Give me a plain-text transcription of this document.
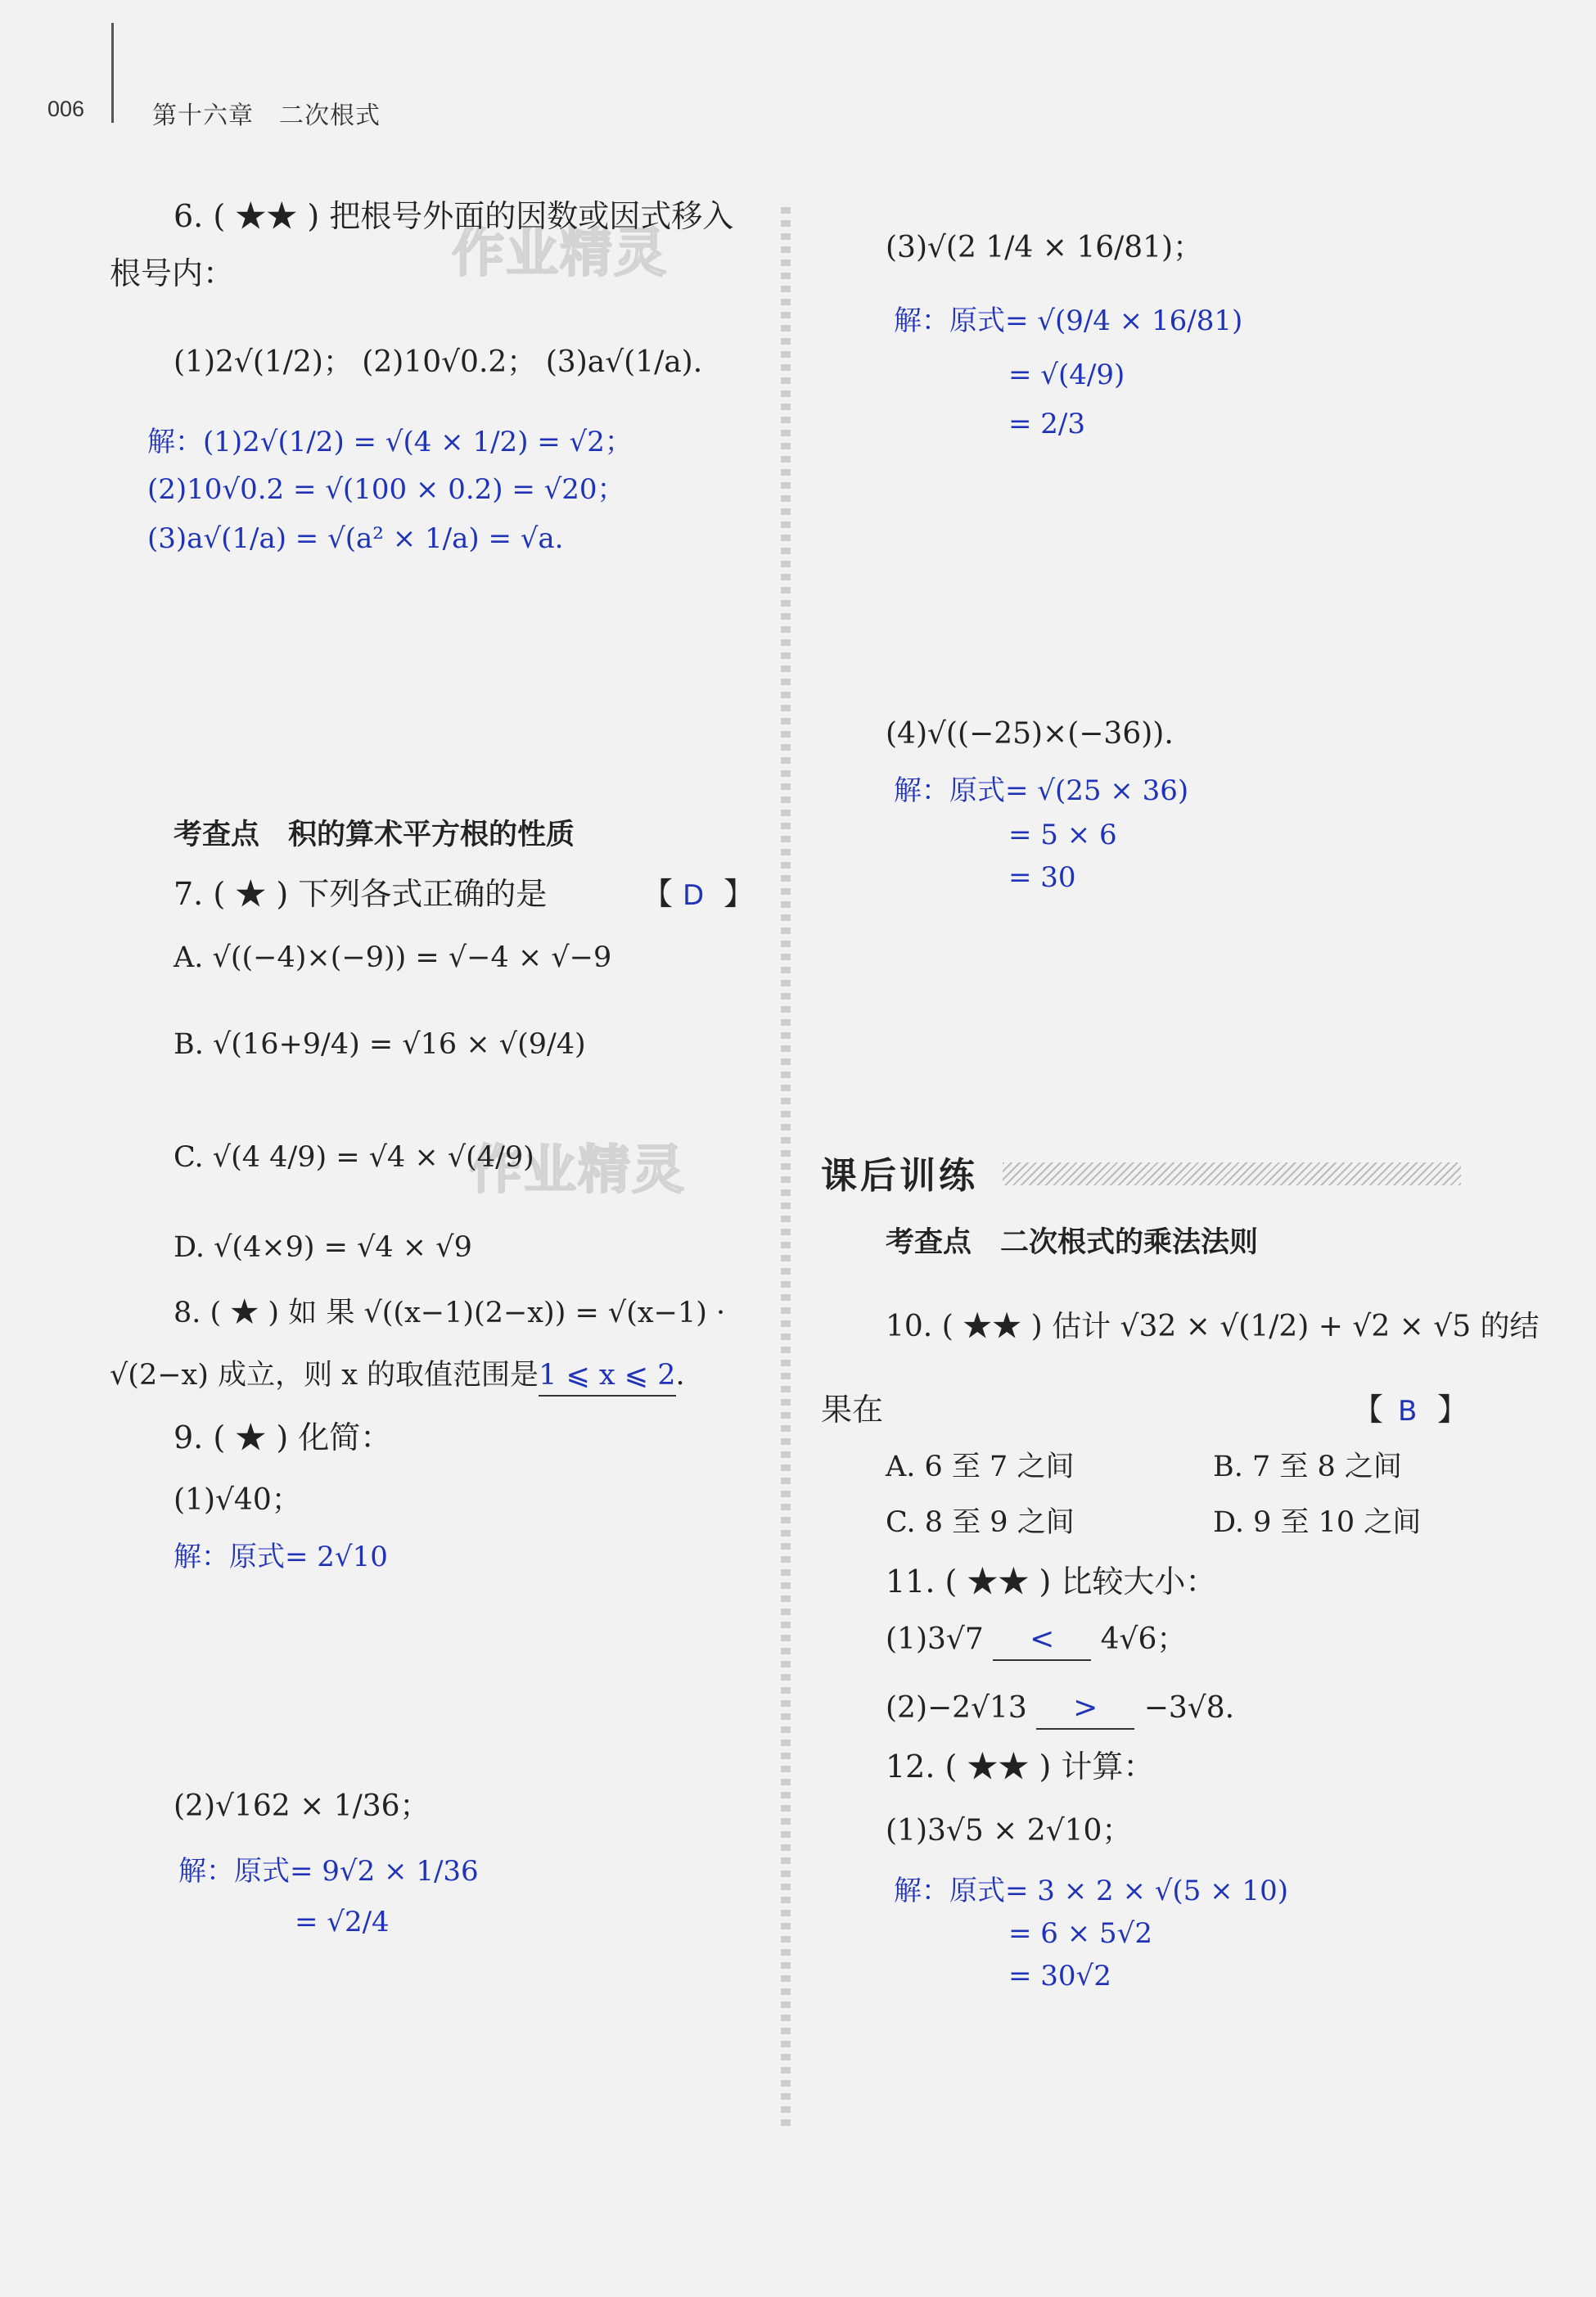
006	第十六章　二次根式
作业精灵
作业精灵
6. ( ★★ ) 把根号外面的因数或因式移入
根号内：
(1)2√(1/2)； (2)10√0.2； (3)a√(1/a).
解：(1)2√(1/2) = √(4 × 1/2) = √2；
(2)10√0.2 = √(100 × 0.2) = √20；
(3)a√(1/a) = √(a² × 1/a) = √a.
考查点　积的算术平方根的性质
7. ( ★ ) 下列各式正确的是	【 D 】
A. √((−4)×(−9)) = √−4 × √−9
B. √(16+9/4) = √16 × √(9/4)
C. √(4 4/9) = √4 × √(4/9)
D. √(4×9) = √4 × √9
8. ( ★ ) 如 果 √((x−1)(2−x)) = √(x−1) ·
√(2−x) 成立，则 x 的取值范围是1 ⩽ x ⩽ 2.
9. ( ★ ) 化简：
(1)√40；
解：原式= 2√10
(2)√162 × 1/36；
解：原式= 9√2 × 1/36
= √2/4
(3)√(2 1/4 × 16/81)；
解：原式= √(9/4 × 16/81)
= √(4/9)
= 2/3
(4)√((−25)×(−36)).
解：原式= √(25 × 36)
= 5 × 6
= 30
课后训练
考查点　二次根式的乘法法则
10. ( ★★ ) 估计 √32 × √(1/2) + √2 × √5 的结
果在	【 B 】
A. 6 至 7 之间	B. 7 至 8 之间
C. 8 至 9 之间	D. 9 至 10 之间
11. ( ★★ ) 比较大小：
(1)3√7 < 4√6；
(2)−2√13 > −3√8.
12. ( ★★ ) 计算：
(1)3√5 × 2√10；
解：原式= 3 × 2 × √(5 × 10)
= 6 × 5√2
= 30√2
